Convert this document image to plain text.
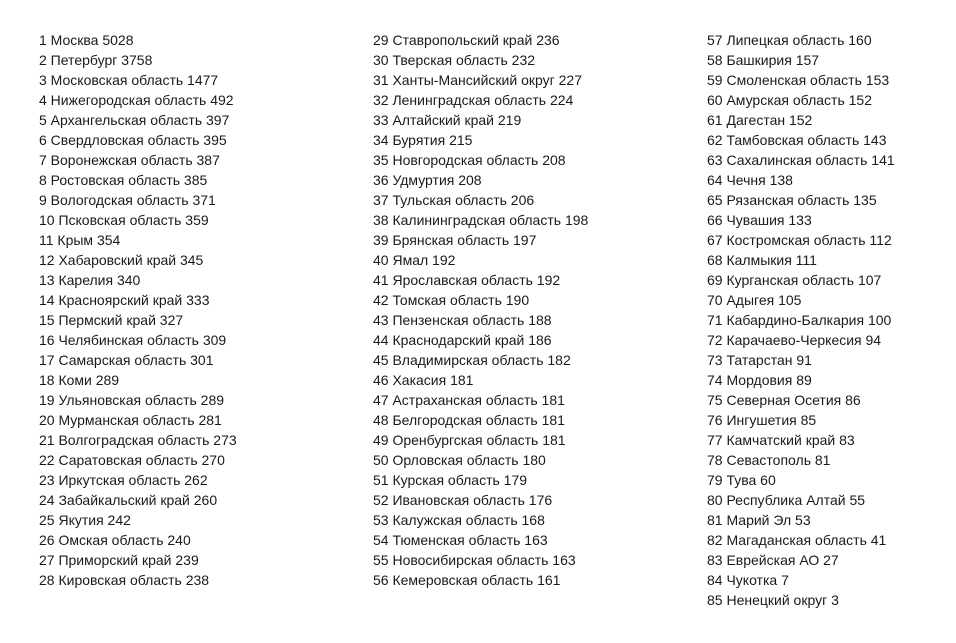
1 Москва 5028
2 Петербург 3758
3 Московская область 1477
4 Нижегородская область 492
5 Архангельская область 397
6 Свердловская область 395
7 Воронежская область 387
8 Ростовская область 385
9 Вологодская область 371
10 Псковская область 359
11 Крым 354
12 Хабаровский край 345
13 Карелия 340
14 Красноярский край 333
15 Пермский край 327
16 Челябинская область 309
17 Самарская область 301
18 Коми 289
19 Ульяновская область 289
20 Мурманская область 281
21 Волгоградская область 273
22 Саратовская область 270
23 Иркутская область 262
24 Забайкальский край 260
25 Якутия 242
26 Омская область 240
27 Приморский край 239
28 Кировская область 238
29 Ставропольский край 236
30 Тверская область 232
31 Ханты-Мансийский округ 227
32 Ленинградская область 224
33 Алтайский край 219
34 Бурятия 215
35 Новгородская область 208
36 Удмуртия 208
37 Тульская область 206
38 Калининградская область 198
39 Брянская область 197
40 Ямал 192
41 Ярославская область 192
42 Томская область 190
43 Пензенская область 188
44 Краснодарский край 186
45 Владимирская область 182
46 Хакасия 181
47 Астраханская область 181
48 Белгородская область 181
49 Оренбургская область 181
50 Орловская область 180
51 Курская область 179
52 Ивановская область 176
53 Калужская область 168
54 Тюменская область 163
55 Новосибирская область 163
56 Кемеровская область 161
57 Липецкая область 160
58 Башкирия 157
59 Смоленская область 153
60 Амурская область 152
61 Дагестан 152
62 Тамбовская область 143
63 Сахалинская область 141
64 Чечня 138
65 Рязанская область 135
66 Чувашия 133
67 Костромская область 112
68 Калмыкия 111
69 Курганская область 107
70 Адыгея 105
71 Кабардино-Балкария 100
72 Карачаево-Черкесия 94
73 Татарстан 91
74 Мордовия 89
75 Северная Осетия 86
76 Ингушетия 85
77 Камчатский край 83
78 Севастополь 81
79 Тува 60
80 Республика Алтай 55
81 Марий Эл 53
82 Магаданская область 41
83 Еврейская АО 27
84 Чукотка 7
85 Ненецкий округ 3
